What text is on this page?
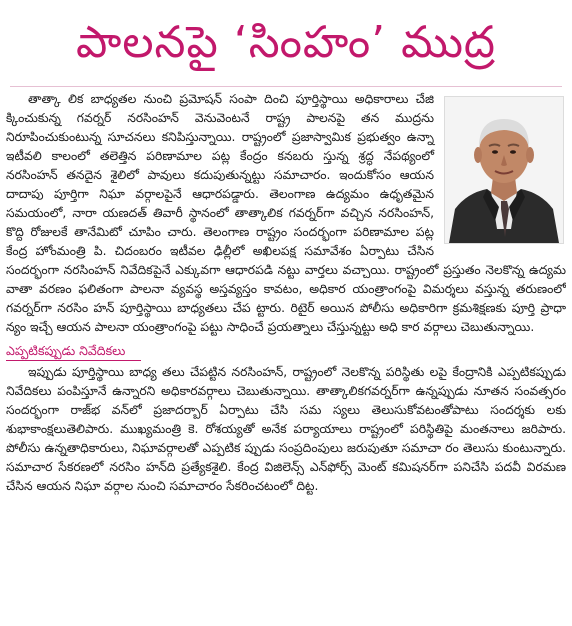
పాలనపై ‘సింహం’ ముద్ర

తాత్కా లిక బాధ్యతల నుంచి ప్రమోషన్ సంపా దించి పూర్తిస్థాయి అధికారాలు చేజి క్కించుకున్న గవర్నర్ నరసింహన్ వెనువెంటనే రాష్ట్ర పాలనపై తన ముద్రను నిరూపించుకుంటున్న సూచనలు కనిపిస్తున్నాయి. రాష్ట్రంలో ప్రజాస్వామిక ప్రభుత్వం ఉన్నా ఇటీవలి కాలంలో తలెత్తిన పరిణామాల పట్ల కేంద్రం కనబరు స్తున్న శ్రద్ధ నేపథ్యంలో నరసింహన్ తనదైన శైలిలో పావులు కదుపుతున్నట్టు సమాచారం. ఇందుకోసం ఆయన దాదాపు పూర్తిగా నిఘా వర్గాలపైనే ఆధారపడ్డారు. తెలంగాణ ఉద్యమం ఉధృతమైన సమయంలో, నారా యణదత్ తివారీ స్థానంలో తాత్కాలిక గవర్నర్‌గా వచ్చిన నరసింహన్, కొద్ది రోజులకే తానేమిటో చూపిం చారు. తెలంగాణ రాష్ట్రం సందర్భంగా పరిణామాల పట్ల కేంద్ర హోంమంత్రి పి. చిదంబరం ఇటీవల ఢిల్లీలో అఖిలపక్ష సమావేశం ఏర్పాటు చేసిన సందర్భంగా నరసింహన్ నివేదికపైనే ఎక్కువగా ఆధారపడి నట్టు వార్తలు వచ్చాయి. రాష్ట్రంలో ప్రస్తుతం నెలకొన్న ఉద్యమ వాతా వరణం ఫలితంగా పాలనా వ్యవస్థ అస్తవ్యస్తం కావటం, అధికార యంత్రాంగంపై విమర్శలు వస్తున్న తరుణంలో గవర్నర్‌గా నరసిం హన్ పూర్తిస్థాయి బాధ్యతలు చేప ట్టారు. రిటైర్ అయిన పోలీసు అధికారిగా క్రమశిక్షణకు పూర్తి ప్రాధా న్యం ఇచ్చే ఆయన పాలనా యంత్రాంగంపై పట్టు సాధించే ప్రయత్నాలు చేస్తున్నట్టు అధి కార వర్గాలు చెబుతున్నాయి.

ఎప్పటికప్పుడు నివేదికలు

ఇప్పుడు పూర్తిస్థాయి బాధ్య తలు చేపట్టిన నరసింహన్, రాష్ట్రంలో నెలకొన్న పరిస్థితు లపై కేంద్రానికి ఎప్పటికప్పుడు నివేదికలు పంపిస్తూనే ఉన్నారని అధికారవర్గాలు చెబుతున్నాయి. తాత్కాలికగవర్నర్‌గా ఉన్నప్పుడు నూతన సంవత్సరం సందర్భంగా రాజ్‌భ వన్‌లో ప్రజాదర్బార్ ఏర్పాటు చేసి సమ స్యలు తెలుసుకోవటంతోపాటు సందర్శకు లకు శుభాకాంక్షలుతెలిపారు. ముఖ్యమంత్రి కె. రోశయ్యతో అనేక పర్యాయాలు రాష్ట్రంలో పరిస్థితిపై మంతనాలు జరిపారు. పోలీసు ఉన్నతాధికారులు, నిఘావర్గాలతో ఎప్పటిక ప్పుడు సంప్రదింపులు జరుపుతూ సమాచా రం తెలుసు కుంటున్నారు. సమాచార సేకరణలో నరసిం హన్‌ది ప్రత్యేకశైలి. కేంద్ర విజిలెన్స్ ఎన్‌ఫోర్స్ మెంట్ కమిషనర్‌గా పనిచేసి పదవీ విరమణ చేసిన ఆయన నిఘా వర్గాల నుంచి సమాచారం సేకరించటంలో దిట్ట.
